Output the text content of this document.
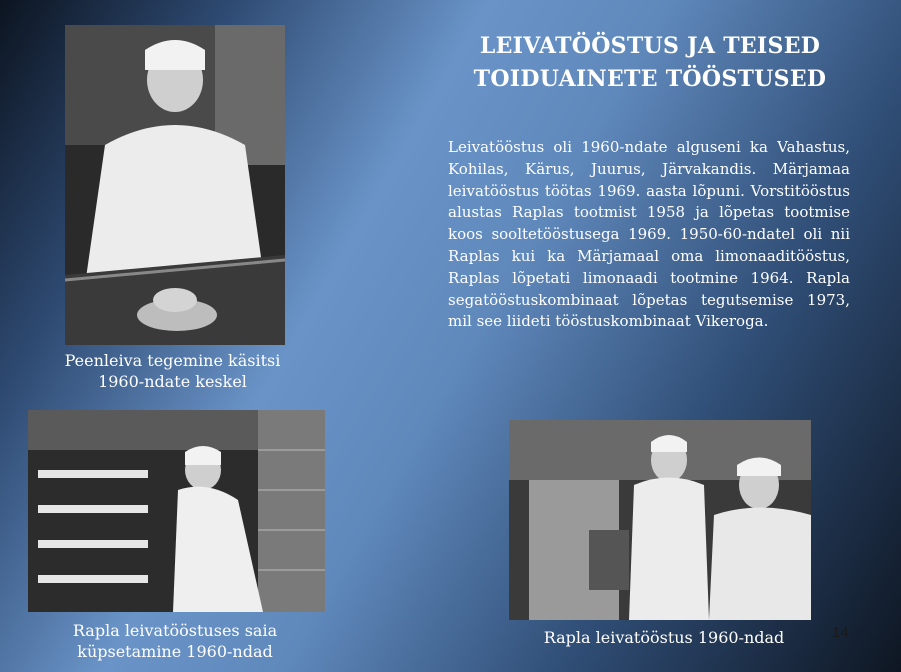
Peenleiva tegemine käsitsi
1960-ndate keskel
LEIVATÖÖSTUS JA TEISED
TOIDUAINETE TÖÖSTUSED
Leivatööstus oli 1960-ndate alguseni ka Vahastus, Kohilas, Kärus, Juurus, Järvakandis. Märjamaa leivatööstus töötas 1969. aasta lõpuni. Vorstitööstus alustas Raplas tootmist 1958 ja lõpetas tootmise koos sooltetööstusega 1969. 1950-60-ndatel oli nii Raplas kui ka Märjamaal oma limonaaditööstus, Raplas lõpetati limonaadi tootmine 1964. Rapla segatööstuskombinaat lõpetas tegutsemise 1973, mil see liideti tööstuskombinaat Vikeroga.
Rapla leivatööstuses saia
küpsetamine 1960-ndad
Rapla leivatööstus 1960-ndad	14
